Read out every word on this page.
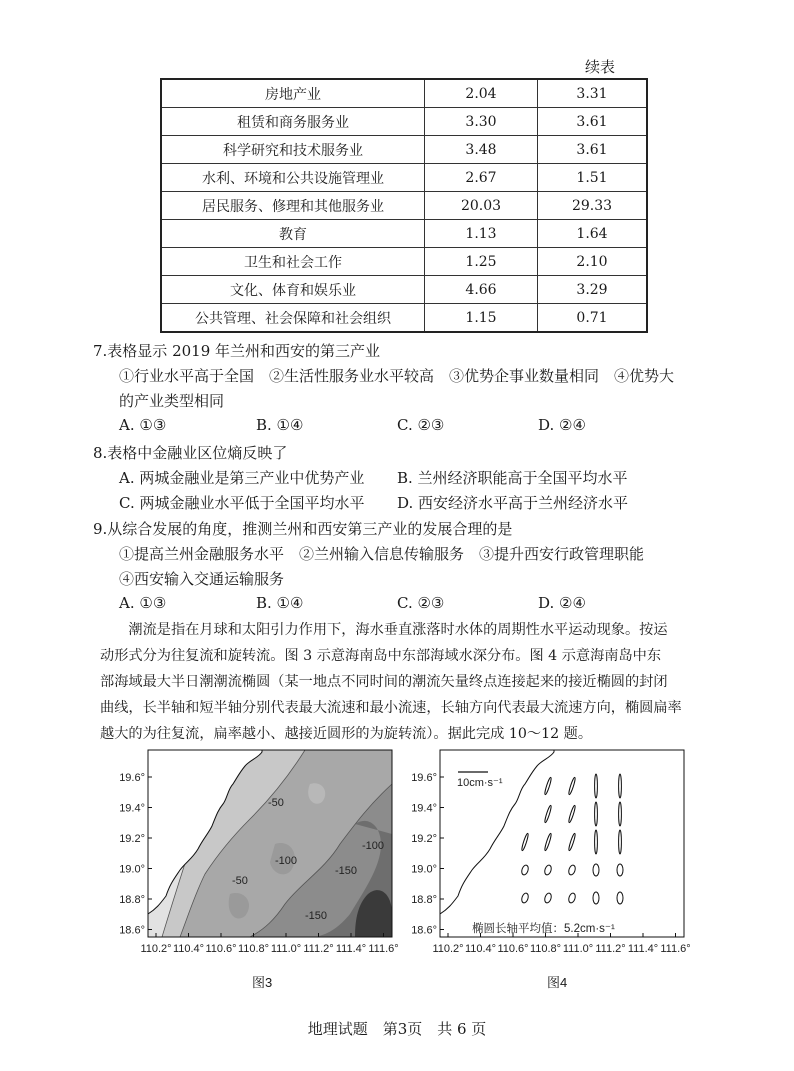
续表
房地产业	2.04	3.31
租赁和商务服务业	3.30	3.61
科学研究和技术服务业	3.48	3.61
水利、环境和公共设施管理业	2.67	1.51
居民服务、修理和其他服务业	20.03	29.33
教育	1.13	1.64
卫生和社会工作	1.25	2.10
文化、体育和娱乐业	4.66	3.29
公共管理、社会保障和社会组织	1.15	0.71
7.表格显示 2019 年兰州和西安的第三产业
①行业水平高于全国　②生活性服务业水平较高　③优势企事业数量相同　④优势大
的产业类型相同
A. ①③	B. ①④	C. ②③	D. ②④
8.表格中金融业区位熵反映了
A. 两城金融业是第三产业中优势产业 B. 兰州经济职能高于全国平均水平
C. 两城金融业水平低于全国平均水平 D. 西安经济水平高于兰州经济水平
9.从综合发展的角度，推测兰州和西安第三产业的发展合理的是
①提高兰州金融服务水平　②兰州输入信息传输服务　③提升西安行政管理职能
④西安输入交通运输服务
A. ①③	B. ①④	C. ②③	D. ②④
　　潮流是指在月球和太阳引力作用下，海水垂直涨落时水体的周期性水平运动现象。按运
动形式分为往复流和旋转流。图 3 示意海南岛中东部海域水深分布。图 4 示意海南岛中东
部海域最大半日潮潮流椭圆（某一地点不同时间的潮流矢量终点连接起来的接近椭圆的封闭
曲线，长半轴和短半轴分别代表最大流速和最小流速，长轴方向代表最大流速方向，椭圆扁率
越大的为往复流，扁率越小、越接近圆形的为旋转流）。据此完成 10～12 题。
-50
-50
-100
-150
-150
-100
19.6°
19.4°
19.2°
19.0°
18.8°
18.6°
110.2° 110.4° 110.6° 110.8° 111.0° 111.2° 111.4° 111.6°
图3
10cm·s⁻¹
椭圆长轴平均值：5.2cm·s⁻¹
19.6°
19.4°
19.2°
19.0°
18.8°
18.6°
110.2° 110.4° 110.6° 110.8° 111.0° 111.2° 111.4° 111.6°
图4
地理试题　第3页　共 6 页
